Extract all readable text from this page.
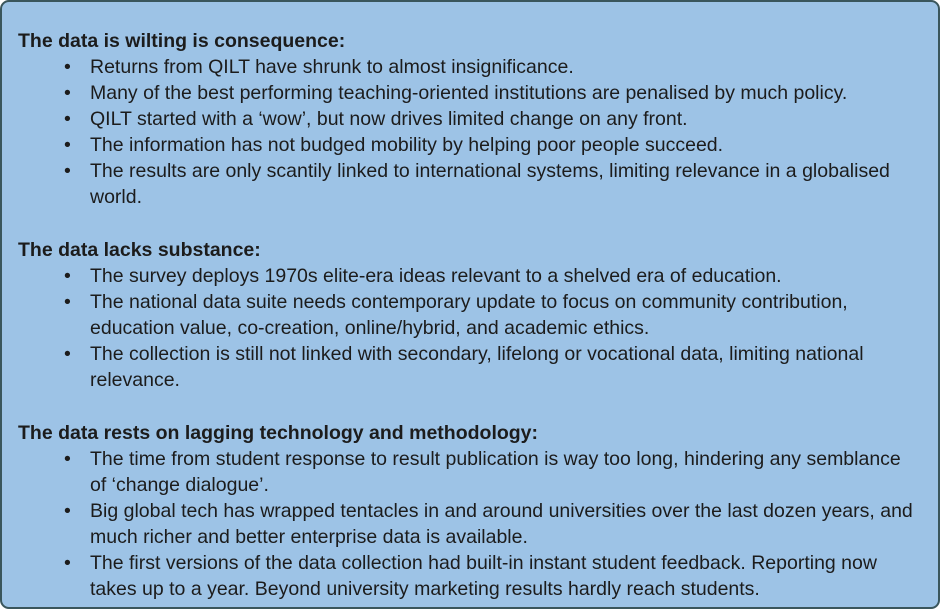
The data is wilting is consequence:
• Returns from QILT have shrunk to almost insignificance.
• Many of the best performing teaching-oriented institutions are penalised by much policy.
• QILT started with a ‘wow’, but now drives limited change on any front.
• The information has not budged mobility by helping poor people succeed.
• The results are only scantily linked to international systems, limiting relevance in a globalised world.
The data lacks substance:
• The survey deploys 1970s elite-era ideas relevant to a shelved era of education.
• The national data suite needs contemporary update to focus on community contribution, education value, co-creation, online/hybrid, and academic ethics.
• The collection is still not linked with secondary, lifelong or vocational data, limiting national relevance.
The data rests on lagging technology and methodology:
• The time from student response to result publication is way too long, hindering any semblance of ‘change dialogue’.
• Big global tech has wrapped tentacles in and around universities over the last dozen years, and much richer and better enterprise data is available.
• The first versions of the data collection had built-in instant student feedback. Reporting now takes up to a year. Beyond university marketing results hardly reach students.
